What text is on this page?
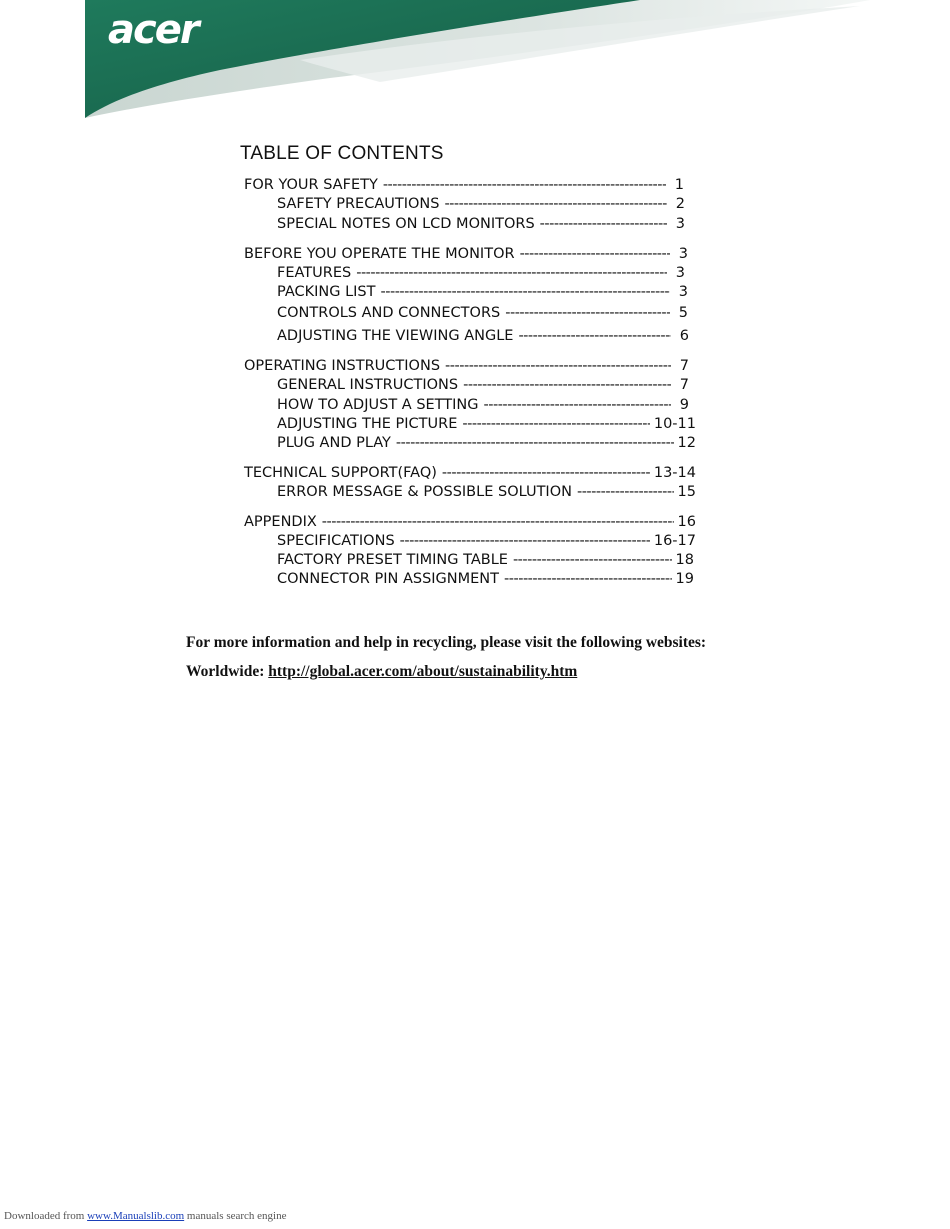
acer
TABLE OF CONTENTS
FOR YOUR SAFETY -----	1
SAFETY PRECAUTIONS -----	2
SPECIAL NOTES ON LCD MONITORS -----	3
BEFORE YOU OPERATE THE MONITOR -----	3
FEATURES -----	3
PACKING LIST -----	3
CONTROLS AND CONNECTORS -----	5
ADJUSTING THE VIEWING ANGLE -----	6
OPERATING INSTRUCTIONS -----	7
GENERAL INSTRUCTIONS -----	7
HOW TO ADJUST A SETTING -----	9
ADJUSTING THE PICTURE -----	10-11
PLUG AND PLAY -----	12
TECHNICAL SUPPORT(FAQ) -----	13-14
ERROR MESSAGE & POSSIBLE SOLUTION -----	15
APPENDIX -----	16
SPECIFICATIONS -----	16-17
FACTORY PRESET TIMING TABLE -----	18
CONNECTOR PIN ASSIGNMENT -----	19
For more information and help in recycling, please visit the following websites:
Worldwide: http://global.acer.com/about/sustainability.htm
Downloaded from www.Manualslib.com manuals search engine
